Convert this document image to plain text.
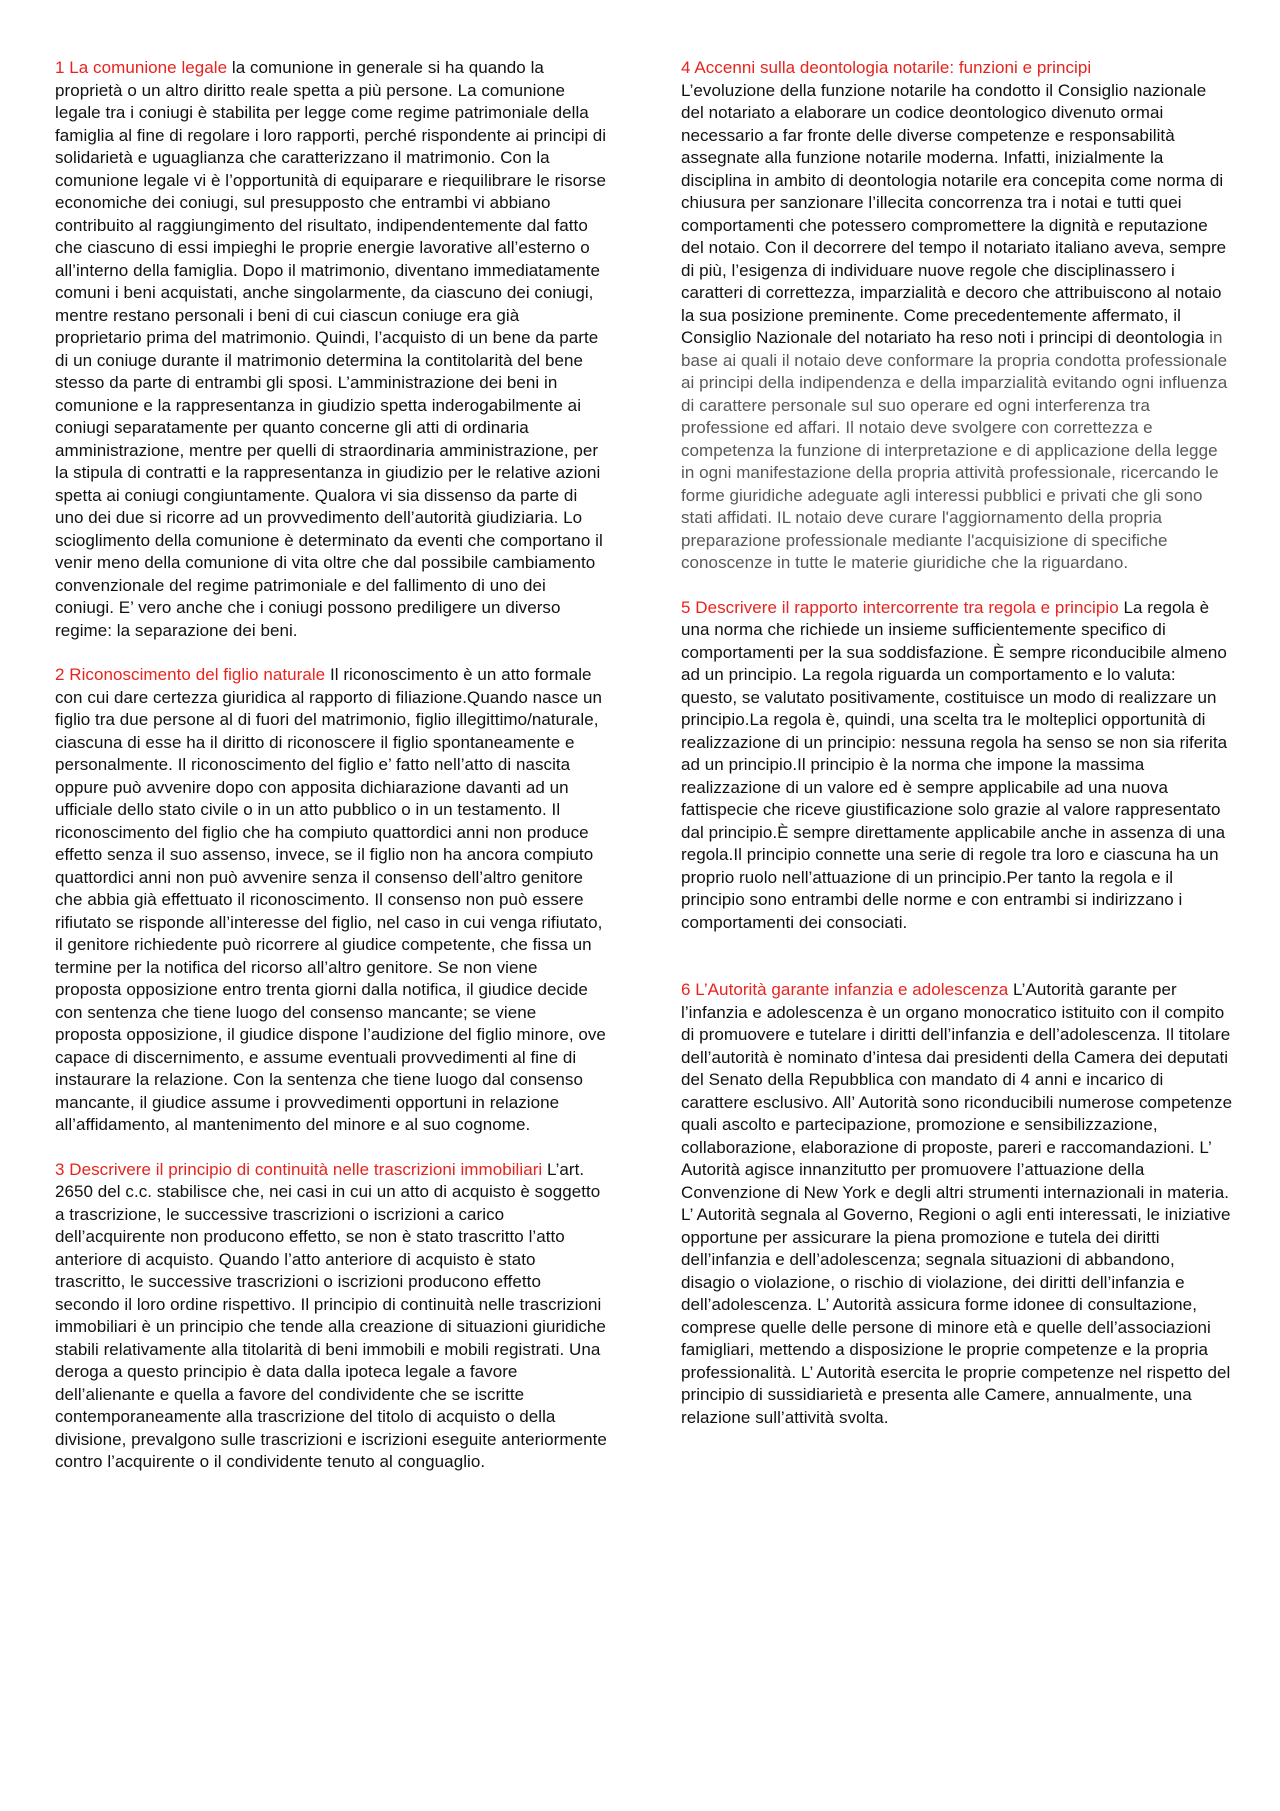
1 La comunione legale la comunione in generale si ha quando la proprietà o un altro diritto reale spetta a più persone. La comunione legale tra i coniugi è stabilita per legge come regime patrimoniale della famiglia al fine di regolare i loro rapporti, perché rispondente ai principi di solidarietà e uguaglianza che caratterizzano il matrimonio. Con la comunione legale vi è l’opportunità di equiparare e riequilibrare le risorse economiche dei coniugi, sul presupposto che entrambi vi abbiano contribuito al raggiungimento del risultato, indipendentemente dal fatto che ciascuno di essi impieghi le proprie energie lavorative all’esterno o all’interno della famiglia. Dopo il matrimonio, diventano immediatamente comuni i beni acquistati, anche singolarmente, da ciascuno dei coniugi, mentre restano personali i beni di cui ciascun coniuge era già proprietario prima del matrimonio. Quindi, l’acquisto di un bene da parte di un coniuge durante il matrimonio determina la contitolarità del bene stesso da parte di entrambi gli sposi. L’amministrazione dei beni in comunione e la rappresentanza in giudizio spetta inderogabilmente ai coniugi separatamente per quanto concerne gli atti di ordinaria amministrazione, mentre per quelli di straordinaria amministrazione, per la stipula di contratti e la rappresentanza in giudizio per le relative azioni spetta ai coniugi congiuntamente. Qualora vi sia dissenso da parte di uno dei due si ricorre ad un provvedimento dell’autorità giudiziaria. Lo scioglimento della comunione è determinato da eventi che comportano il venir meno della comunione di vita oltre che dal possibile cambiamento convenzionale del regime patrimoniale e del fallimento di uno dei coniugi. E’ vero anche che i coniugi possono prediligere un diverso regime: la separazione dei beni.

2 Riconoscimento del figlio naturale Il riconoscimento è un atto formale con cui dare certezza giuridica al rapporto di filiazione.Quando nasce un figlio tra due persone al di fuori del matrimonio, figlio illegittimo/naturale, ciascuna di esse ha il diritto di riconoscere il figlio spontaneamente e personalmente. Il riconoscimento del figlio e’ fatto nell’atto di nascita oppure può avvenire dopo con apposita dichiarazione davanti ad un ufficiale dello stato civile o in un atto pubblico o in un testamento. Il riconoscimento del figlio che ha compiuto quattordici anni non produce effetto senza il suo assenso, invece, se il figlio non ha ancora compiuto quattordici anni non può avvenire senza il consenso dell’altro genitore che abbia già effettuato il riconoscimento. Il consenso non può essere rifiutato se risponde all’interesse del figlio, nel caso in cui venga rifiutato, il genitore richiedente può ricorrere al giudice competente, che fissa un termine per la notifica del ricorso all’altro genitore. Se non viene proposta opposizione entro trenta giorni dalla notifica, il giudice decide con sentenza che tiene luogo del consenso mancante; se viene proposta opposizione, il giudice dispone l’audizione del figlio minore, ove capace di discernimento, e assume eventuali provvedimenti al fine di instaurare la relazione. Con la sentenza che tiene luogo dal consenso mancante, il giudice assume i provvedimenti opportuni in relazione all’affidamento, al mantenimento del minore e al suo cognome.

3 Descrivere il principio di continuità nelle trascrizioni immobiliari L’art. 2650 del c.c. stabilisce che, nei casi in cui un atto di acquisto è soggetto a trascrizione, le successive trascrizioni o iscrizioni a carico dell’acquirente non producono effetto, se non è stato trascritto l’atto anteriore di acquisto. Quando l’atto anteriore di acquisto è stato trascritto, le successive trascrizioni o iscrizioni producono effetto secondo il loro ordine rispettivo. Il principio di continuità nelle trascrizioni immobiliari è un principio che tende alla creazione di situazioni giuridiche stabili relativamente alla titolarità di beni immobili e mobili registrati. Una deroga a questo principio è data dalla ipoteca legale a favore dell’alienante e quella a favore del condividente che se iscritte contemporaneamente alla trascrizione del titolo di acquisto o della divisione, prevalgono sulle trascrizioni e iscrizioni eseguite anteriormente contro l’acquirente o il condividente tenuto al conguaglio.

4 Accenni sulla deontologia notarile: funzioni e principi
L’evoluzione della funzione notarile ha condotto il Consiglio nazionale del notariato a elaborare un codice deontologico divenuto ormai necessario a far fronte delle diverse competenze e responsabilità assegnate alla funzione notarile moderna. Infatti, inizialmente la disciplina in ambito di deontologia notarile era concepita come norma di chiusura per sanzionare l’illecita concorrenza tra i notai e tutti quei comportamenti che potessero compromettere la dignità e reputazione del notaio. Con il decorrere del tempo il notariato italiano aveva, sempre di più, l’esigenza di individuare nuove regole che disciplinassero i caratteri di correttezza, imparzialità e decoro che attribuiscono al notaio la sua posizione preminente. Come precedentemente affermato, il Consiglio Nazionale del notariato ha reso noti i principi di deontologia in base ai quali il notaio deve conformare la propria condotta professionale ai principi della indipendenza e della imparzialità evitando ogni influenza di carattere personale sul suo operare ed ogni interferenza tra professione ed affari. Il notaio deve svolgere con correttezza e competenza la funzione di interpretazione e di applicazione della legge in ogni manifestazione della propria attività professionale, ricercando le forme giuridiche adeguate agli interessi pubblici e privati che gli sono stati affidati. IL notaio deve curare l'aggiornamento della propria preparazione professionale mediante l'acquisizione di specifiche conoscenze in tutte le materie giuridiche che la riguardano.

5 Descrivere il rapporto intercorrente tra regola e principio La regola è una norma che richiede un insieme sufficientemente specifico di comportamenti per la sua soddisfazione. È sempre riconducibile almeno ad un principio. La regola riguarda un comportamento e lo valuta: questo, se valutato positivamente, costituisce un modo di realizzare un principio.La regola è, quindi, una scelta tra le molteplici opportunità di realizzazione di un principio: nessuna regola ha senso se non sia riferita ad un principio.Il principio è la norma che impone la massima realizzazione di un valore ed è sempre applicabile ad una nuova fattispecie che riceve giustificazione solo grazie al valore rappresentato dal principio.È sempre direttamente applicabile anche in assenza di una regola.Il principio connette una serie di regole tra loro e ciascuna ha un proprio ruolo nell’attuazione di un principio.Per tanto la regola e il principio sono entrambi delle norme e con entrambi si indirizzano i comportamenti dei consociati.

6 L’Autorità garante infanzia e adolescenza L’Autorità garante per l’infanzia e adolescenza è un organo monocratico istituito con il compito di promuovere e tutelare i diritti dell’infanzia e dell’adolescenza. Il titolare dell’autorità è nominato d’intesa dai presidenti della Camera dei deputati del Senato della Repubblica con mandato di 4 anni e incarico di carattere esclusivo. All’ Autorità sono riconducibili numerose competenze quali ascolto e partecipazione, promozione e sensibilizzazione, collaborazione, elaborazione di proposte, pareri e raccomandazioni. L’ Autorità agisce innanzitutto per promuovere l’attuazione della Convenzione di New York e degli altri strumenti internazionali in materia. L’ Autorità segnala al Governo, Regioni o agli enti interessati, le iniziative opportune per assicurare la piena promozione e tutela dei diritti dell’infanzia e dell’adolescenza; segnala situazioni di abbandono, disagio o violazione, o rischio di violazione, dei diritti dell’infanzia e dell’adolescenza. L’ Autorità assicura forme idonee di consultazione, comprese quelle delle persone di minore età e quelle dell’associazioni famigliari, mettendo a disposizione le proprie competenze e la propria professionalità. L’ Autorità esercita le proprie competenze nel rispetto del principio di sussidiarietà e presenta alle Camere, annualmente, una relazione sull’attività svolta.
